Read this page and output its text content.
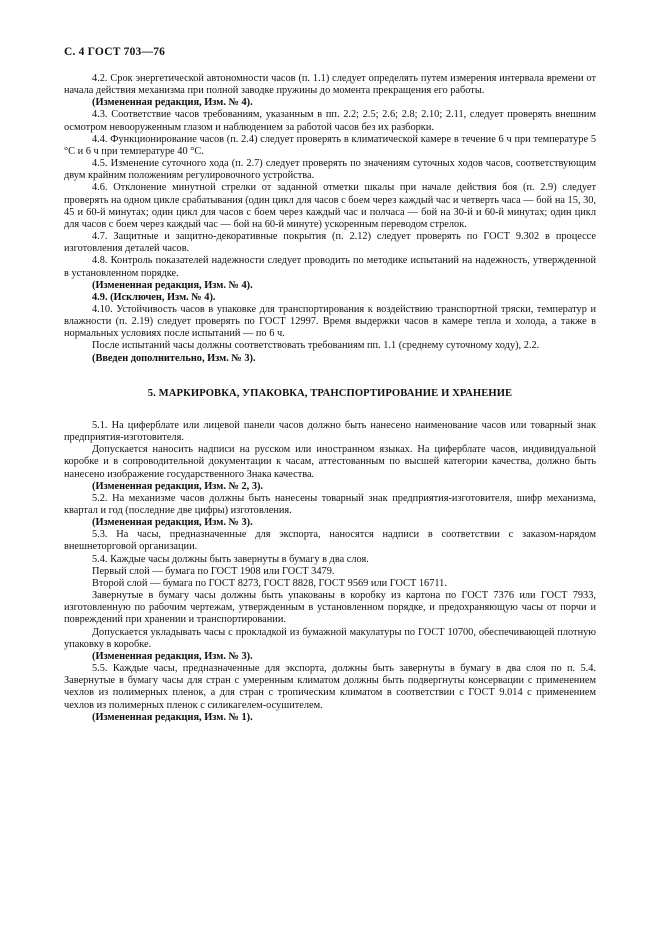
С. 4 ГОСТ 703—76

4.2. Срок энергетической автономности часов (п. 1.1) следует определять путем измерения интервала времени от начала действия механизма при полной заводке пружины до момента прекращения его работы.

(Измененная редакция, Изм. № 4).

4.3. Соответствие часов требованиям, указанным в пп. 2.2; 2.5; 2.6; 2.8; 2.10; 2.11, следует проверять внешним осмотром невооруженным глазом и наблюдением за работой часов без их разборки.

4.4. Функционирование часов (п. 2.4) следует проверять в климатической камере в течение 6 ч при температуре 5 °С и 6 ч при температуре 40 °С.

4.5. Изменение суточного хода (п. 2.7) следует проверять по значениям суточных ходов часов, соответствующим двум крайним положениям регулировочного устройства.

4.6. Отклонение минутной стрелки от заданной отметки шкалы при начале действия боя (п. 2.9) следует проверять на одном цикле срабатывания (один цикл для часов с боем через каждый час и четверть часа — бой на 15, 30, 45 и 60-й минутах; один цикл для часов с боем через каждый час и полчаса — бой на 30-й и 60-й минутах; один цикл для часов с боем через каждый час — бой на 60-й минуте) ускоренным переводом стрелок.

4.7. Защитные и защитно-декоративные покрытия (п. 2.12) следует проверять по ГОСТ 9.302 в процессе изготовления деталей часов.

4.8. Контроль показателей надежности следует проводить по методике испытаний на надежность, утвержденной в установленном порядке.

(Измененная редакция, Изм. № 4).

4.9. (Исключен, Изм. № 4).

4.10. Устойчивость часов в упаковке для транспортирования к воздействию транспортной тряски, температур и влажности (п. 2.19) следует проверять по ГОСТ 12997. Время выдержки часов в камере тепла и холода, а также в нормальных условиях после испытаний — по 6 ч.

После испытаний часы должны соответствовать требованиям пп. 1.1 (среднему суточному ходу), 2.2.

(Введен дополнительно, Изм. № 3).

5. МАРКИРОВКА, УПАКОВКА, ТРАНСПОРТИРОВАНИЕ И ХРАНЕНИЕ

5.1. На циферблате или лицевой панели часов должно быть нанесено наименование часов или товарный знак предприятия-изготовителя.

Допускается наносить надписи на русском или иностранном языках. На циферблате часов, индивидуальной коробке и в сопроводительной документации к часам, аттестованным по высшей категории качества, должно быть нанесено изображение государственного Знака качества.

(Измененная редакция, Изм. № 2, 3).

5.2. На механизме часов должны быть нанесены товарный знак предприятия-изготовителя, шифр механизма, квартал и год (последние две цифры) изготовления.

(Измененная редакция, Изм. № 3).

5.3. На часы, предназначенные для экспорта, наносятся надписи в соответствии с заказом-нарядом внешнеторговой организации.

5.4. Каждые часы должны быть завернуты в бумагу в два слоя.

Первый слой — бумага по ГОСТ 1908 или ГОСТ 3479.

Второй слой — бумага по ГОСТ 8273, ГОСТ 8828, ГОСТ 9569 или ГОСТ 16711.

Завернутые в бумагу часы должны быть упакованы в коробку из картона по ГОСТ 7376 или ГОСТ 7933, изготовленную по рабочим чертежам, утвержденным в установленном порядке, и предохраняющую часы от порчи и повреждений при хранении и транспортировании.

Допускается укладывать часы с прокладкой из бумажной макулатуры по ГОСТ 10700, обеспечивающей плотную упаковку в коробке.

(Измененная редакция, Изм. № 3).

5.5. Каждые часы, предназначенные для экспорта, должны быть завернуты в бумагу в два слоя по п. 5.4. Завернутые в бумагу часы для стран с умеренным климатом должны быть подвергнуты консервации с применением чехлов из полимерных пленок, а для стран с тропическим климатом в соответствии с ГОСТ 9.014 с применением чехлов из полимерных пленок с силикагелем-осушителем.

(Измененная редакция, Изм. № 1).
